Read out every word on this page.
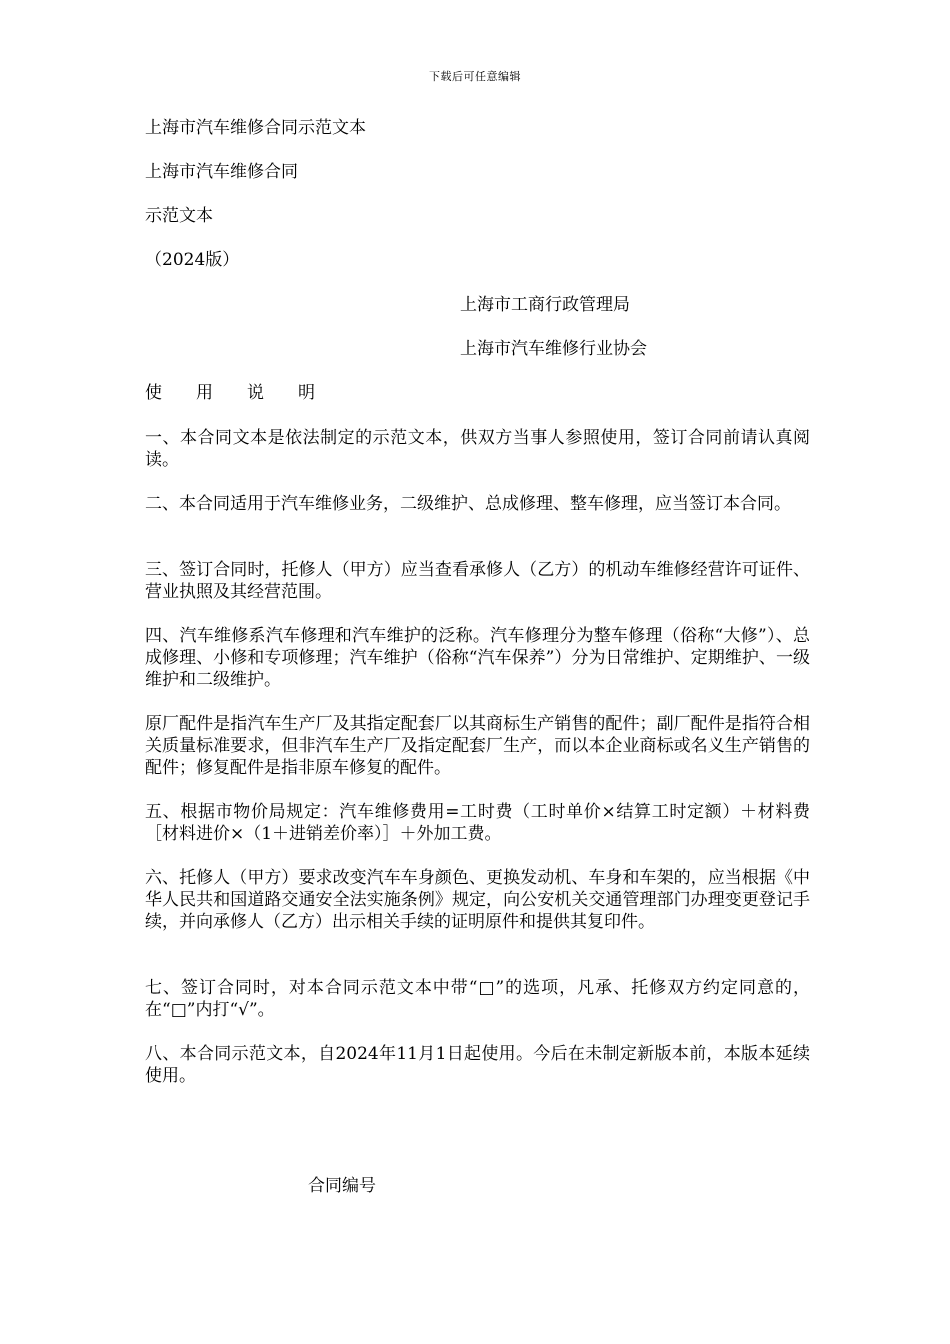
下载后可任意编辑
上海市汽车维修合同示范文本
上海市汽车维修合同
示范文本
（2024版）
上海市工商行政管理局
上海市汽车维修行业协会
使　　用　　说　　明
一、本合同文本是依法制定的示范文本，供双方当事人参照使用，签订合同前请认真阅读。
二、本合同适用于汽车维修业务，二级维护、总成修理、整车修理，应当签订本合同。
三、签订合同时，托修人（甲方）应当查看承修人（乙方）的机动车维修经营许可证件、营业执照及其经营范围。
四、汽车维修系汽车修理和汽车维护的泛称。汽车修理分为整车修理（俗称“大修”）、总成修理、小修和专项修理；汽车维护（俗称“汽车保养”）分为日常维护、定期维护、一级维护和二级维护。
原厂配件是指汽车生产厂及其指定配套厂以其商标生产销售的配件；副厂配件是指符合相关质量标准要求，但非汽车生产厂及指定配套厂生产，而以本企业商标或名义生产销售的配件；修复配件是指非原车修复的配件。
五、根据市物价局规定：汽车维修费用=工时费（工时单价×结算工时定额）＋材料费［材料进价×（1＋进销差价率）］＋外加工费。
六、托修人（甲方）要求改变汽车车身颜色、更换发动机、车身和车架的，应当根据《中华人民共和国道路交通安全法实施条例》规定，向公安机关交通管理部门办理变更登记手续，并向承修人（乙方）出示相关手续的证明原件和提供其复印件。
七、签订合同时，对本合同示范文本中带“□”的选项，凡承、托修双方约定同意的，在“□”内打“√”。
八、本合同示范文本，自2024年11月1日起使用。今后在未制定新版本前，本版本延续使用。
合同编号
